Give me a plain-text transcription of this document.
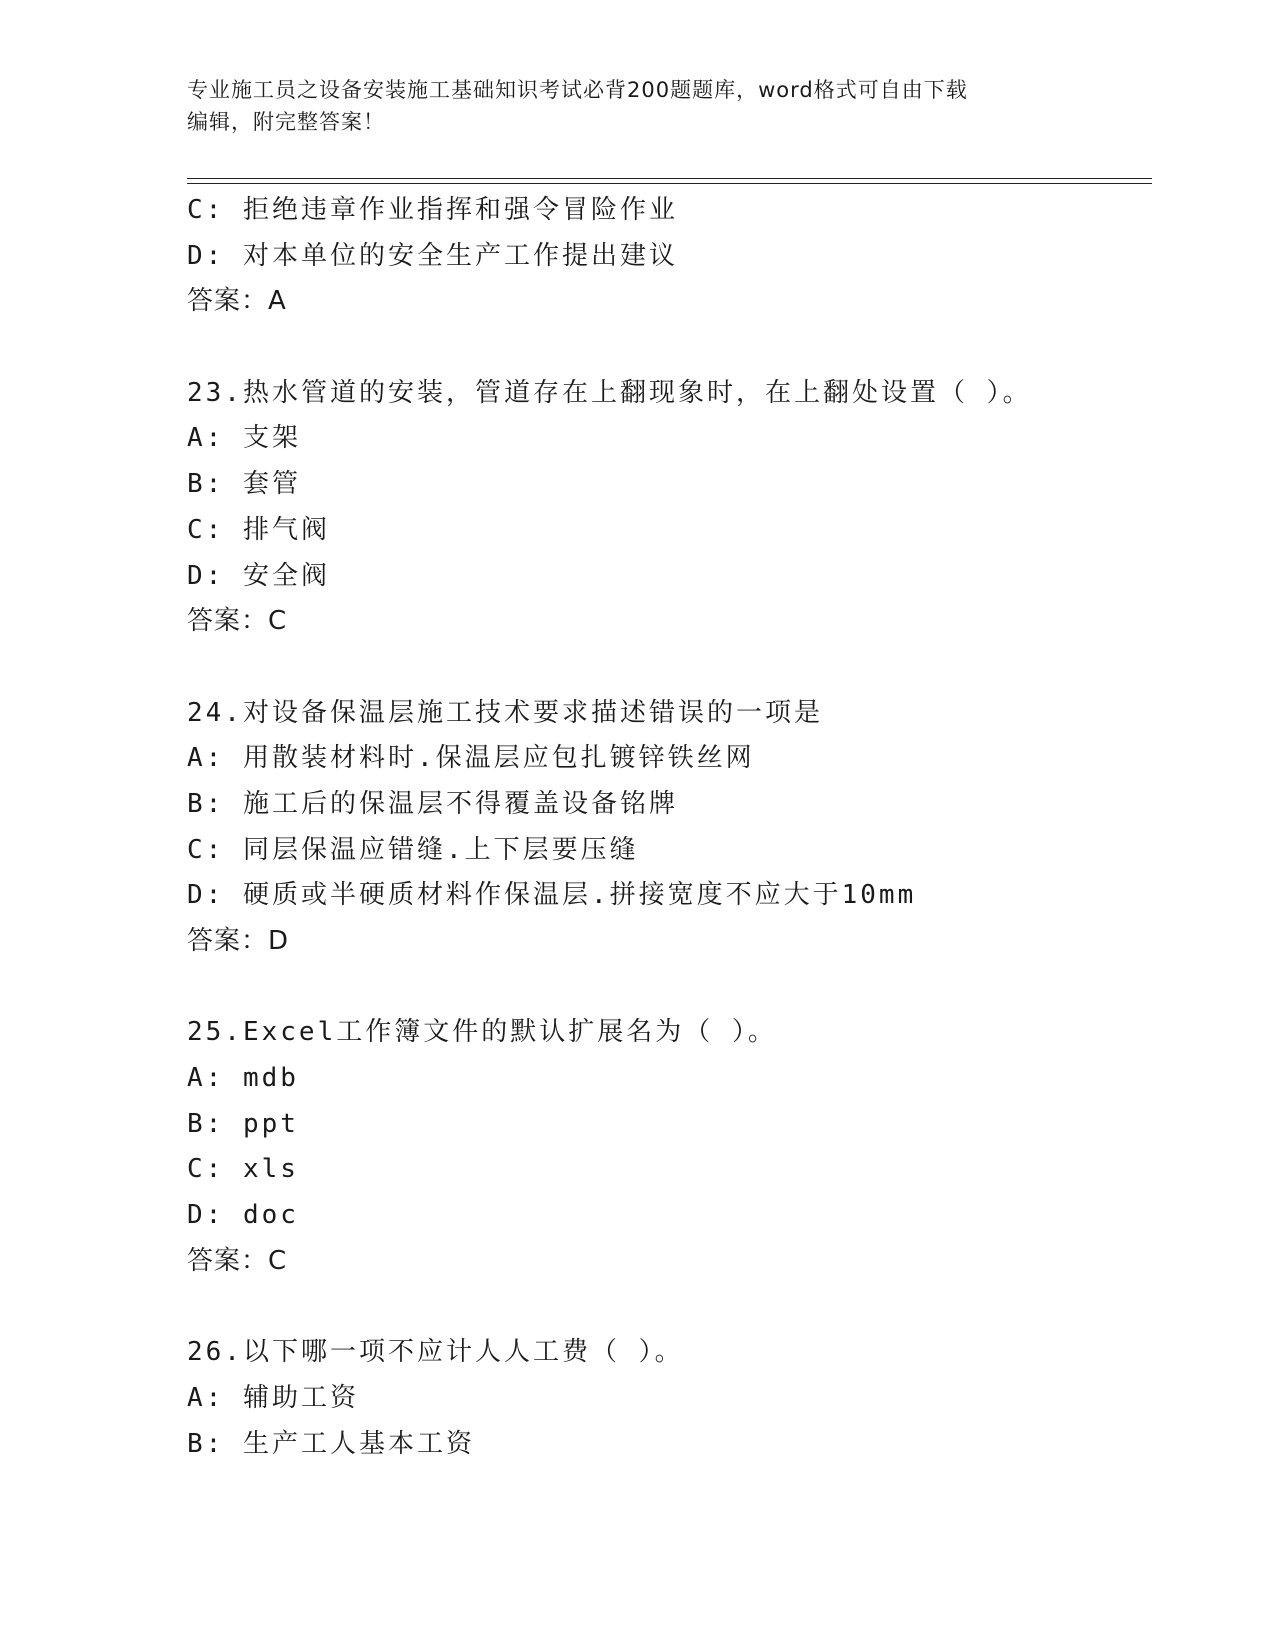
专业施工员之设备安装施工基础知识考试必背200题题库，word格式可自由下载
编辑，附完整答案！
C: 拒绝违章作业指挥和强令冒险作业
D: 对本单位的安全生产工作提出建议
答案：A
23.热水管道的安装，管道存在上翻现象时，在上翻处设置（ ）。
A: 支架
B: 套管
C: 排气阀
D: 安全阀
答案：C
24.对设备保温层施工技术要求描述错误的一项是
A: 用散装材料时.保温层应包扎镀锌铁丝网
B: 施工后的保温层不得覆盖设备铭牌
C: 同层保温应错缝.上下层要压缝
D: 硬质或半硬质材料作保温层.拼接宽度不应大于10mm
答案：D
25.Excel工作簿文件的默认扩展名为（ ）。
A: mdb
B: ppt
C: xls
D: doc
答案：C
26.以下哪一项不应计人人工费（ ）。
A: 辅助工资
B: 生产工人基本工资
